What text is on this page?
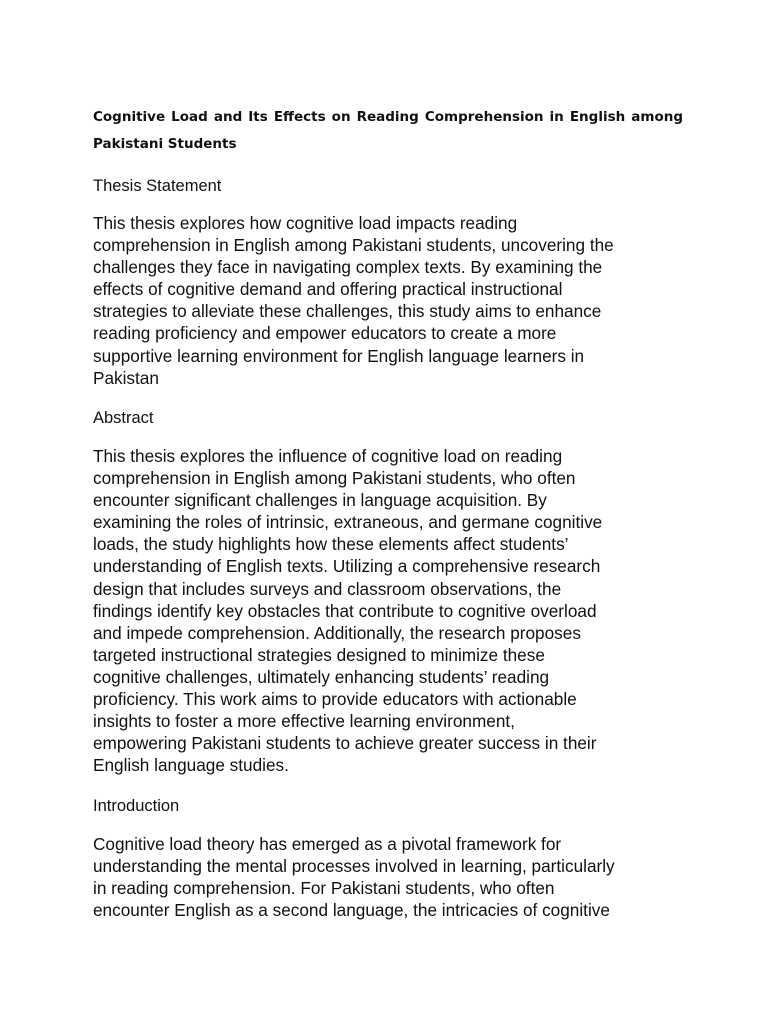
Cognitive Load and Its Effects on Reading Comprehension in English among Pakistani Students
Thesis Statement

This thesis explores how cognitive load impacts reading
comprehension in English among Pakistani students, uncovering the
challenges they face in navigating complex texts. By examining the
effects of cognitive demand and offering practical instructional
strategies to alleviate these challenges, this study aims to enhance
reading proficiency and empower educators to create a more
supportive learning environment for English language learners in
Pakistan

Abstract

This thesis explores the influence of cognitive load on reading
comprehension in English among Pakistani students, who often
encounter significant challenges in language acquisition. By
examining the roles of intrinsic, extraneous, and germane cognitive
loads, the study highlights how these elements affect students’
understanding of English texts. Utilizing a comprehensive research
design that includes surveys and classroom observations, the
findings identify key obstacles that contribute to cognitive overload
and impede comprehension. Additionally, the research proposes
targeted instructional strategies designed to minimize these
cognitive challenges, ultimately enhancing students’ reading
proficiency. This work aims to provide educators with actionable
insights to foster a more effective learning environment,
empowering Pakistani students to achieve greater success in their
English language studies.

Introduction

Cognitive load theory has emerged as a pivotal framework for
understanding the mental processes involved in learning, particularly
in reading comprehension. For Pakistani students, who often
encounter English as a second language, the intricacies of cognitive
